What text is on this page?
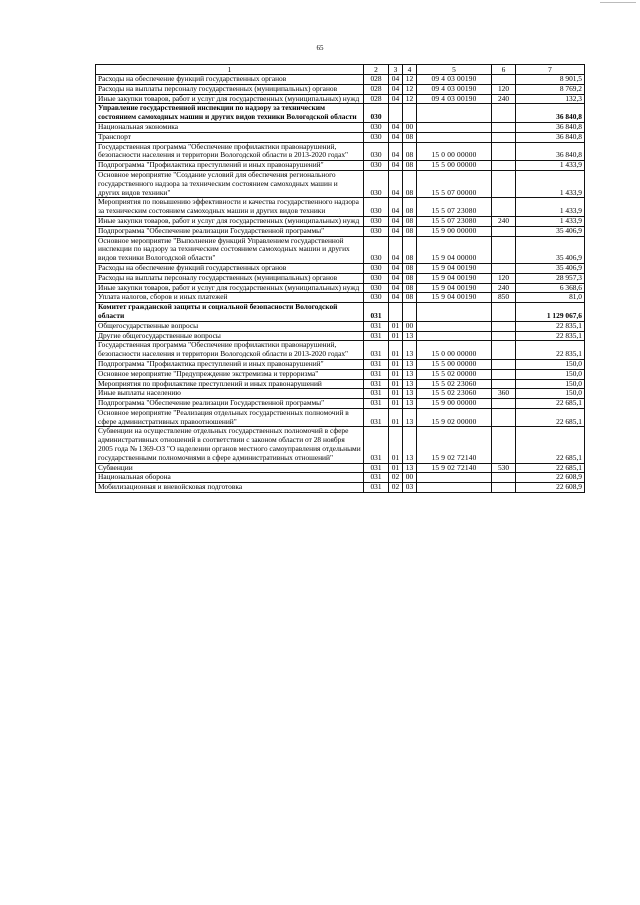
65
1	2	3	4	5	6	7
Расходы на обеспечение функций государственных органов	028	04	12	09 4 03 00190		8 901,5
Расходы на выплаты персоналу государственных (муниципальных) органов	028	04	12	09 4 03 00190	120	8 769,2
Иные закупки товаров, работ и услуг для государственных (муниципальных) нужд	028	04	12	09 4 03 00190	240	132,3
Управление государственной инспекции по надзору за техническим состоянием самоходных машин и других видов техники Вологодской области	030					36 840,8
Национальная экономика	030	04	00			36 840,8
Транспорт	030	04	08			36 840,8
Государственная программа "Обеспечение профилактики правонарушений, безопасности населения и территории Вологодской области в 2013-2020 годах"	030	04	08	15 0 00 00000		36 840,8
Подпрограмма "Профилактика преступлений и иных правонарушений"	030	04	08	15 5 00 00000		1 433,9
Основное мероприятие "Создание условий для обеспечения регионального государственного надзора за техническим состоянием самоходных машин и других видов техники"	030	04	08	15 5 07 00000		1 433,9
Мероприятия по повышению эффективности и качества государственного надзора за техническим состоянием самоходных машин и других видов техники	030	04	08	15 5 07 23080		1 433,9
Иные закупки товаров, работ и услуг для государственных (муниципальных) нужд	030	04	08	15 5 07 23080	240	1 433,9
Подпрограмма "Обеспечение реализации Государственной программы"	030	04	08	15 9 00 00000		35 406,9
Основное мероприятие "Выполнение функций Управлением государственной инспекции по надзору за техническим состоянием самоходных машин и других видов техники Вологодской области"	030	04	08	15 9 04 00000		35 406,9
Расходы на обеспечение функций государственных органов	030	04	08	15 9 04 00190		35 406,9
Расходы на выплаты персоналу государственных (муниципальных) органов	030	04	08	15 9 04 00190	120	28 957,3
Иные закупки товаров, работ и услуг для государственных (муниципальных) нужд	030	04	08	15 9 04 00190	240	6 368,6
Уплата налогов, сборов и иных платежей	030	04	08	15 9 04 00190	850	81,0
Комитет гражданской защиты и социальной безопасности Вологодской области	031					1 129 067,6
Общегосударственные вопросы	031	01	00			22 835,1
Другие общегосударственные вопросы	031	01	13			22 835,1
Государственная программа "Обеспечение профилактики правонарушений, безопасности населения и территории Вологодской области в 2013-2020 годах"	031	01	13	15 0 00 00000		22 835,1
Подпрограмма "Профилактика преступлений и иных правонарушений"	031	01	13	15 5 00 00000		150,0
Основное мероприятие "Предупреждение экстремизма и терроризма"	031	01	13	15 5 02 00000		150,0
Мероприятия по профилактике преступлений и иных правонарушений	031	01	13	15 5 02 23060		150,0
Иные выплаты населению	031	01	13	15 5 02 23060	360	150,0
Подпрограмма "Обеспечение реализации Государственной программы"	031	01	13	15 9 00 00000		22 685,1
Основное мероприятие "Реализация отдельных государственных полномочий в сфере административных правоотношений"	031	01	13	15 9 02 00000		22 685,1
Субвенции на осуществление отдельных государственных полномочий в сфере административных отношений в соответствии с законом области от 28 ноября 2005 года № 1369-ОЗ "О наделении органов местного самоуправления отдельными государственными полномочиями в сфере административных отношений"	031	01	13	15 9 02 72140		22 685,1
Субвенции	031	01	13	15 9 02 72140	530	22 685,1
Национальная оборона	031	02	00			22 608,9
Мобилизационная и вневойсковая подготовка	031	02	03			22 608,9
